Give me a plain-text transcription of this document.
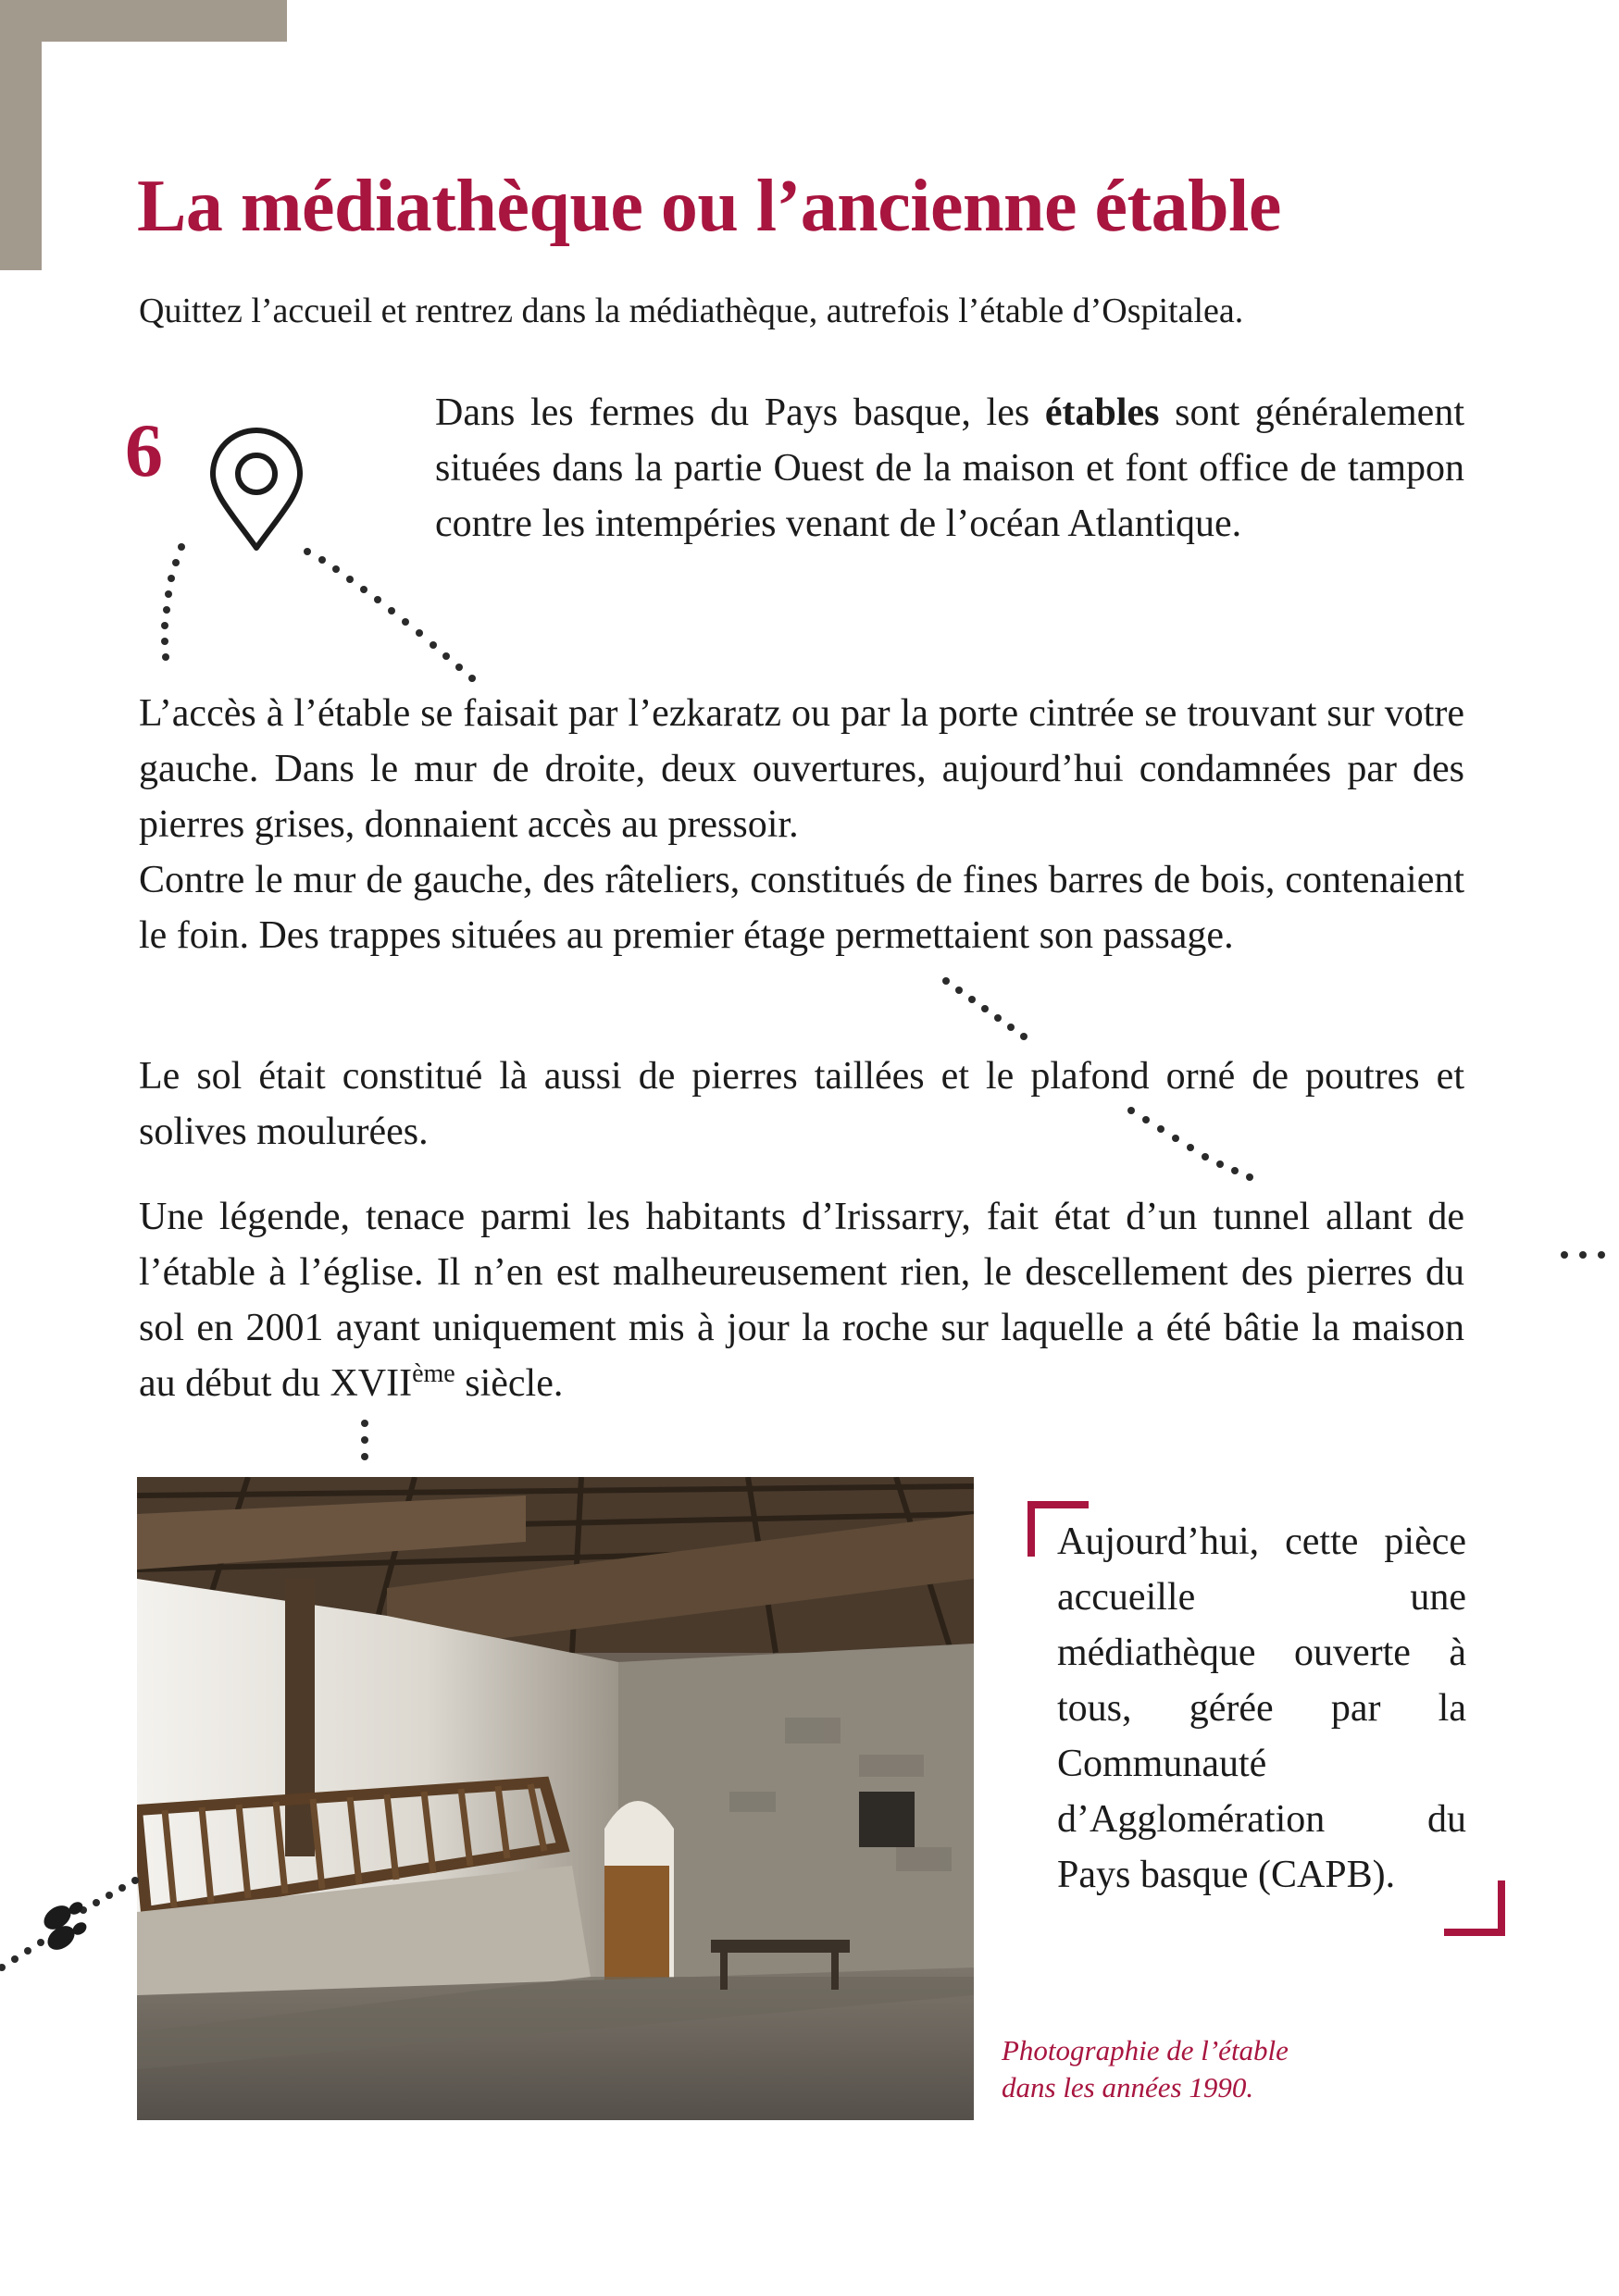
La médiathèque ou l’ancienne étable

Quittez l’accueil et rentrez dans la médiathèque, autrefois l’étable d’Ospitalea.

6	Dans les fermes du Pays basque, les étables sont généralement situées dans la partie Ouest de la maison et font office de tampon contre les intempéries venant de l’océan Atlantique.

L’accès à l’étable se faisait par l’ezkaratz ou par la porte cintrée se trouvant sur votre gauche. Dans le mur de droite, deux ouvertures, aujourd’hui condamnées par des pierres grises, donnaient accès au pressoir.
Contre le mur de gauche, des râteliers, constitués de fines barres de bois, contenaient le foin. Des trappes situées au premier étage permettaient son passage.

Le sol était constitué là aussi de pierres taillées et le plafond orné de poutres et solives moulurées.

Une légende, tenace parmi les habitants d’Irissarry, fait état d’un tunnel allant de l’étable à l’église. Il n’en est malheureusement rien, le descellement des pierres du sol en 2001 ayant uniquement mis à jour la roche sur laquelle a été bâtie la maison au début du XVIIème siècle.

Aujourd’hui, cette pièce accueille une médiathèque ouverte à tous, gérée par la Communauté d’Agglomération du
Pays basque (CAPB).

Photographie de l’étable
dans les années 1990.
